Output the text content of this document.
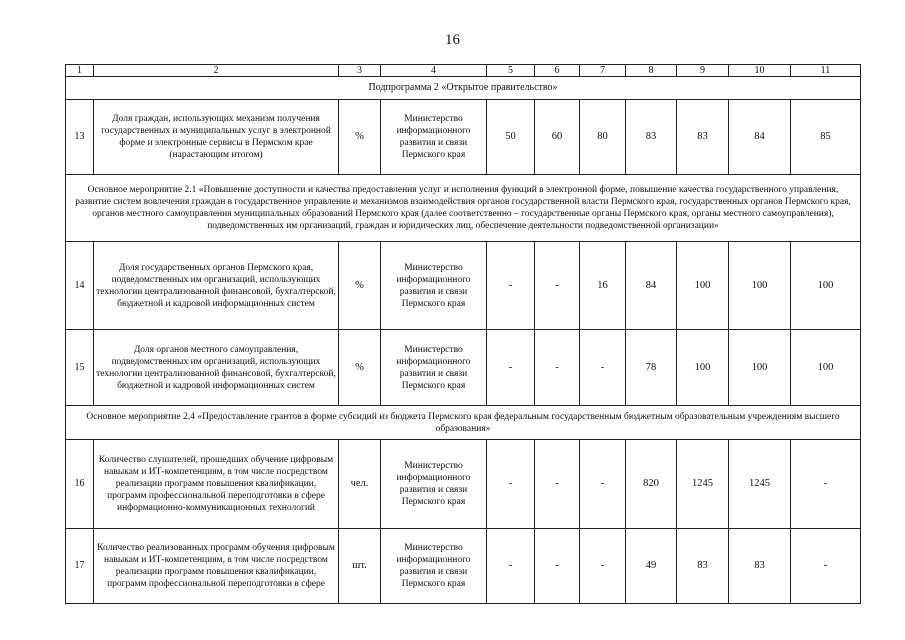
16
1	2	3	4	5	6	7	8	9	10	11
Подпрограмма 2 «Открытое правительство»										
13	Доля граждан, использующих механизм получения государственных и муниципальных услуг в электронной форме и электронные сервисы в Пермском крае (нарастающим итогом)	%	Министерство информационного развития и связи Пермского края	50	60	80	83	83	84	85
Основное мероприятие 2.1 «Повышение доступности и качества предоставления услуг и исполнения функций в электронной форме, повышение качества государственного управления, развитие систем вовлечения граждан в государственное управление и механизмов взаимодействия органов государственной власти Пермского края, государственных органов Пермского края, органов местного самоуправления муниципальных образований Пермского края (далее соответственно – государственные органы Пермского края, органы местного самоуправления), подведомственных им организаций, граждан и юридических лиц, обеспечение деятельности подведомственной организации»										
14	Доля государственных органов Пермского края, подведомственных им организаций, использующих технологии централизованной финансовой, бухгалтерской, бюджетной и кадровой информационных систем	%	Министерство информационного развития и связи Пермского края	-	-	16	84	100	100	100
15	Доля органов местного самоуправления, подведомственных им организаций, использующих технологии централизованной финансовой, бухгалтерской, бюджетной и кадровой информационных систем	%	Министерство информационного развития и связи Пермского края	-	-	-	78	100	100	100
Основное мероприятие 2.4 «Предоставление грантов в форме субсидий из бюджета Пермского края федеральным государственным бюджетным образовательным учреждениям высшего образования»										
16	Количество слушателей, прошедших обучение цифровым навыкам и ИТ-компетенциям, в том числе посредством реализации программ повышения квалификации, программ профессиональной переподготовки в сфере информационно-коммуникационных технологий	чел.	Министерство информационного развития и связи Пермского края	-	-	-	820	1245	1245	-
17	Количество реализованных программ обучения цифровым навыкам и ИТ-компетенциям, в том числе посредством реализации программ повышения квалификации, программ профессиональной переподготовки в сфере	шт.	Министерство информационного развития и связи Пермского края	-	-	-	49	83	83	-
